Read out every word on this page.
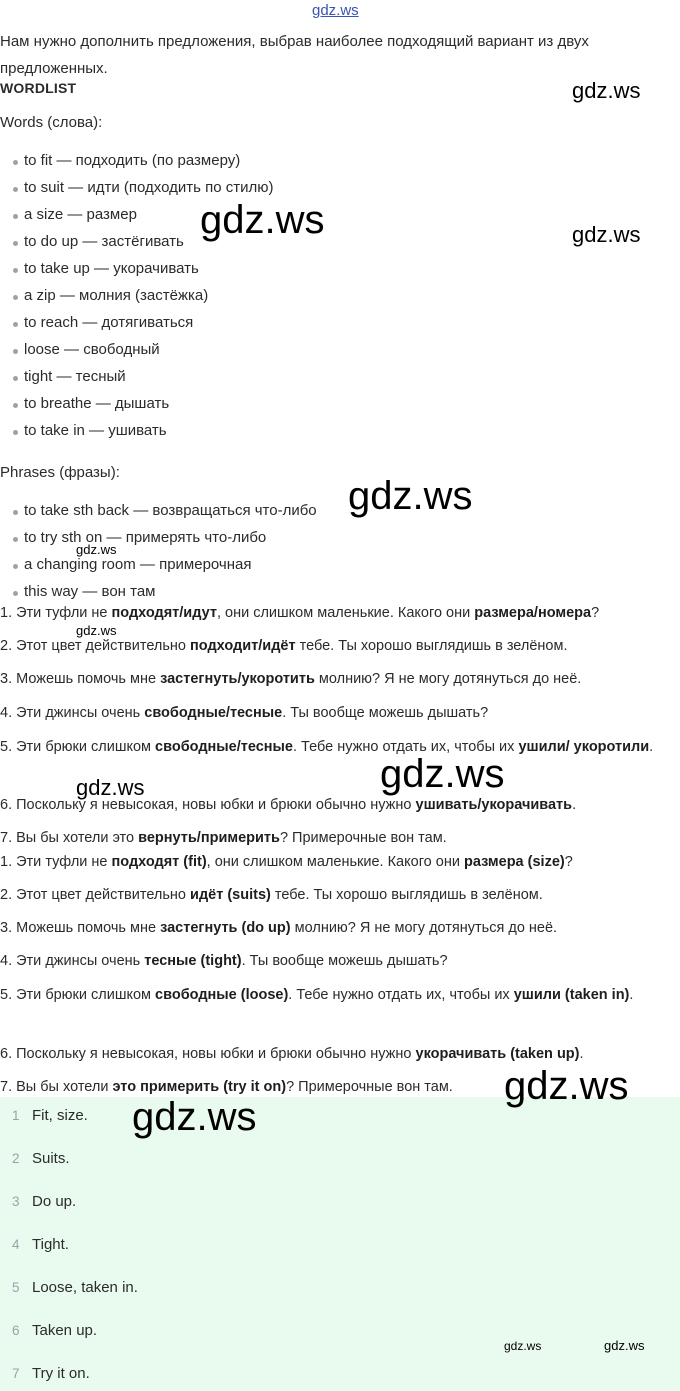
gdz.ws
Нам нужно дополнить предложения, выбрав наиболее подходящий вариант из двух предложенных.
WORDLIST
Words (слова):
to fit — подходить (по размеру)
to suit — идти (подходить по стилю)
a size — размер
to do up — застёгивать
to take up — укорачивать
a zip — молния (застёжка)
to reach — дотягиваться
loose — свободный
tight — тесный
to breathe — дышать
to take in — ушивать
Phrases (фразы):
to take sth back — возвращаться что-либо
to try sth on — примерять что-либо
a changing room — примерочная
this way — вон там
1. Эти туфли не подходят/идут, они слишком маленькие. Какого они размера/номера?
2. Этот цвет действительно подходит/идёт тебе. Ты хорошо выглядишь в зелёном.
3. Можешь помочь мне застегнуть/укоротить молнию? Я не могу дотянуться до неё.
4. Эти джинсы очень свободные/тесные. Ты вообще можешь дышать?
5. Эти брюки слишком свободные/тесные. Тебе нужно отдать их, чтобы их ушили/ укоротили.
6. Поскольку я невысокая, новы юбки и брюки обычно нужно ушивать/укорачивать.
7. Вы бы хотели это вернуть/примерить? Примерочные вон там.
1. Эти туфли не подходят (fit), они слишком маленькие. Какого они размера (size)?
2. Этот цвет действительно идёт (suits) тебе. Ты хорошо выглядишь в зелёном.
3. Можешь помочь мне застегнуть (do up) молнию? Я не могу дотянуться до неё.
4. Эти джинсы очень тесные (tight). Ты вообще можешь дышать?
5. Эти брюки слишком свободные (loose). Тебе нужно отдать их, чтобы их ушили (taken in).
6. Поскольку я невысокая, новы юбки и брюки обычно нужно укорачивать (taken up).
7. Вы бы хотели это примерить (try it on)? Примерочные вон там.
1 Fit, size.
2 Suits.
3 Do up.
4 Tight.
5 Loose, taken in.
6 Taken up.
7 Try it on.
gdz.ws
gdz.ws	gdz.ws
gdz.ws
gdz.ws
gdz.ws
gdz.ws
gdz.ws
gdz.ws
gdz.ws
gdz.ws	gdz.ws
